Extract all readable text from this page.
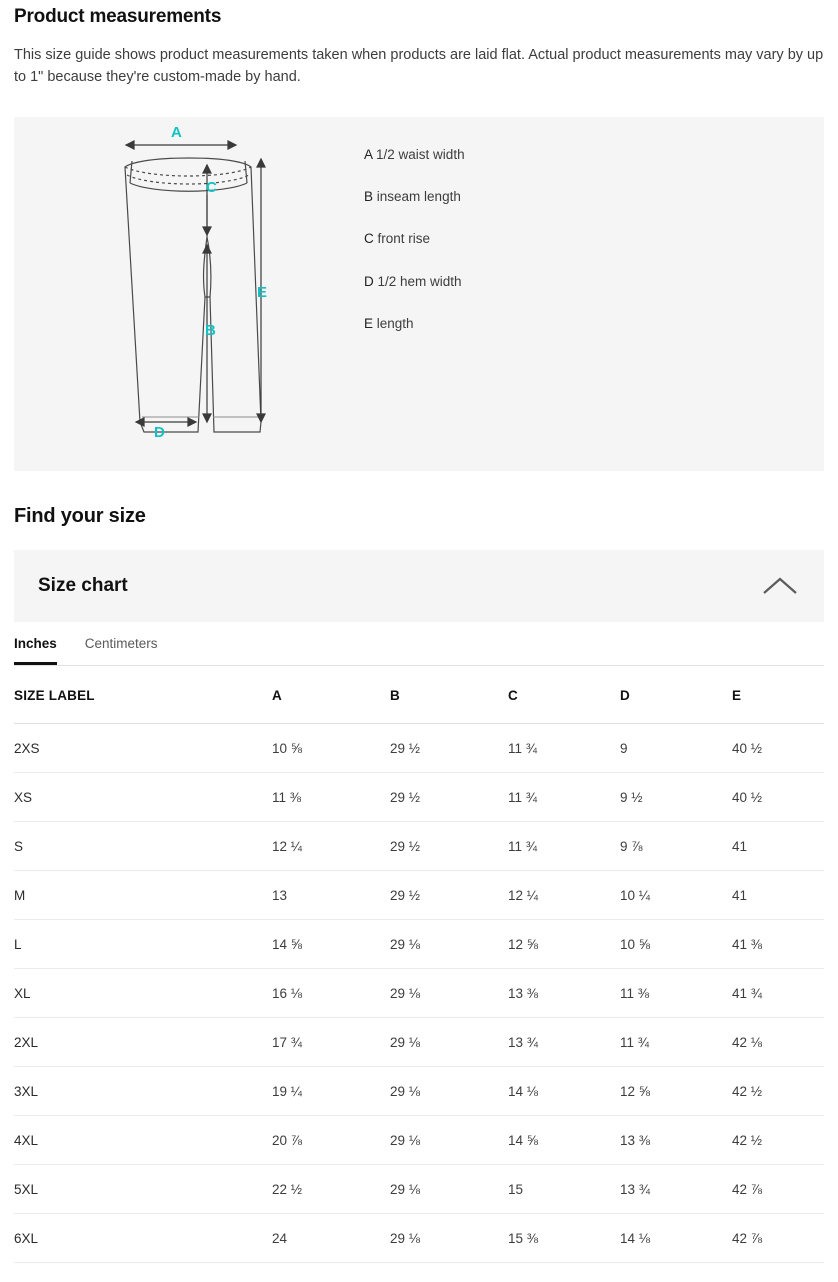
Product measurements

This size guide shows product measurements taken when products are laid flat. Actual product measurements may vary by up to 1" because they're custom-made by hand.

A
C
B
D
E
A 1/2 waist width
B inseam length
C front rise
D 1/2 hem width
E length
Find your size
Size chart
Inches Centimeters
SIZE LABEL	A	B	C	D	E
2XS	10 ⅝	29 ½	11 ¾	9	40 ½
XS	11 ⅜	29 ½	11 ¾	9 ½	40 ½
S	12 ¼	29 ½	11 ¾	9 ⅞	41
M	13	29 ½	12 ¼	10 ¼	41
L	14 ⅝	29 ⅛	12 ⅝	10 ⅝	41 ⅜
XL	16 ⅛	29 ⅛	13 ⅜	11 ⅜	41 ¾
2XL	17 ¾	29 ⅛	13 ¾	11 ¾	42 ⅛
3XL	19 ¼	29 ⅛	14 ⅛	12 ⅝	42 ½
4XL	20 ⅞	29 ⅛	14 ⅝	13 ⅜	42 ½
5XL	22 ½	29 ⅛	15	13 ¾	42 ⅞
6XL	24	29 ⅛	15 ⅜	14 ⅛	42 ⅞
